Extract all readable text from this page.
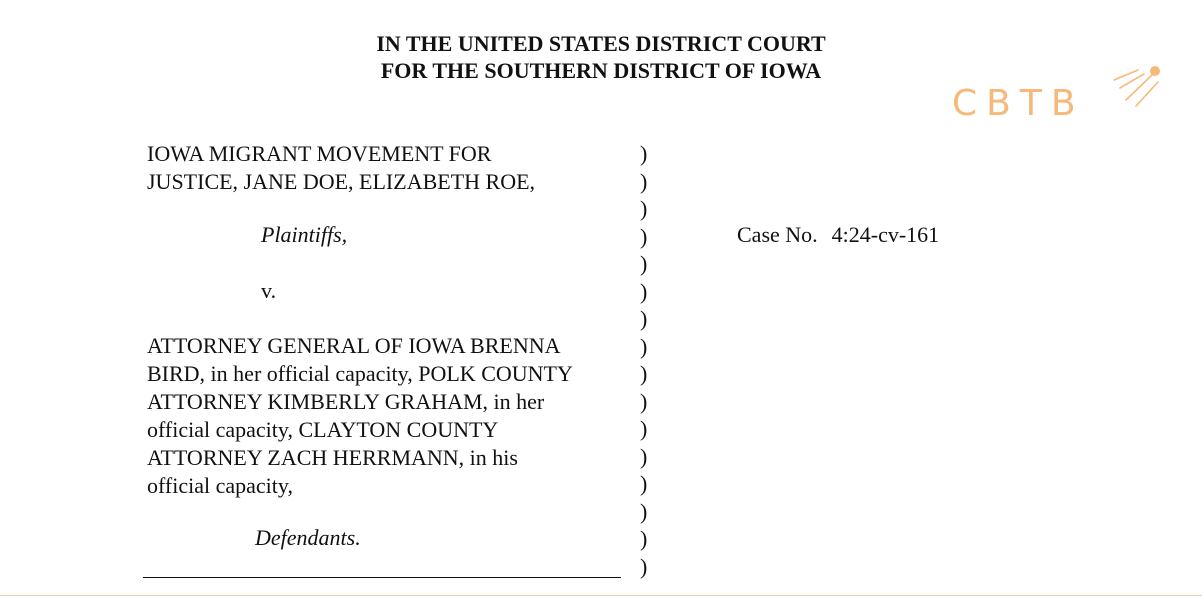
IN THE UNITED STATES DISTRICT COURT
FOR THE SOUTHERN DISTRICT OF IOWA
CBTB
IOWA MIGRANT MOVEMENT FOR
JUSTICE, JANE DOE, ELIZABETH ROE,
Plaintiffs,
v.
ATTORNEY GENERAL OF IOWA BRENNA
BIRD, in her official capacity, POLK COUNTY
ATTORNEY KIMBERLY GRAHAM, in her
official capacity, CLAYTON COUNTY
ATTORNEY ZACH HERRMANN, in his
official capacity,
Defendants.
)
)
)
)
)
)
)
)
)
)
)
)
)
)
)
)
Case No. 4:24-cv-161
